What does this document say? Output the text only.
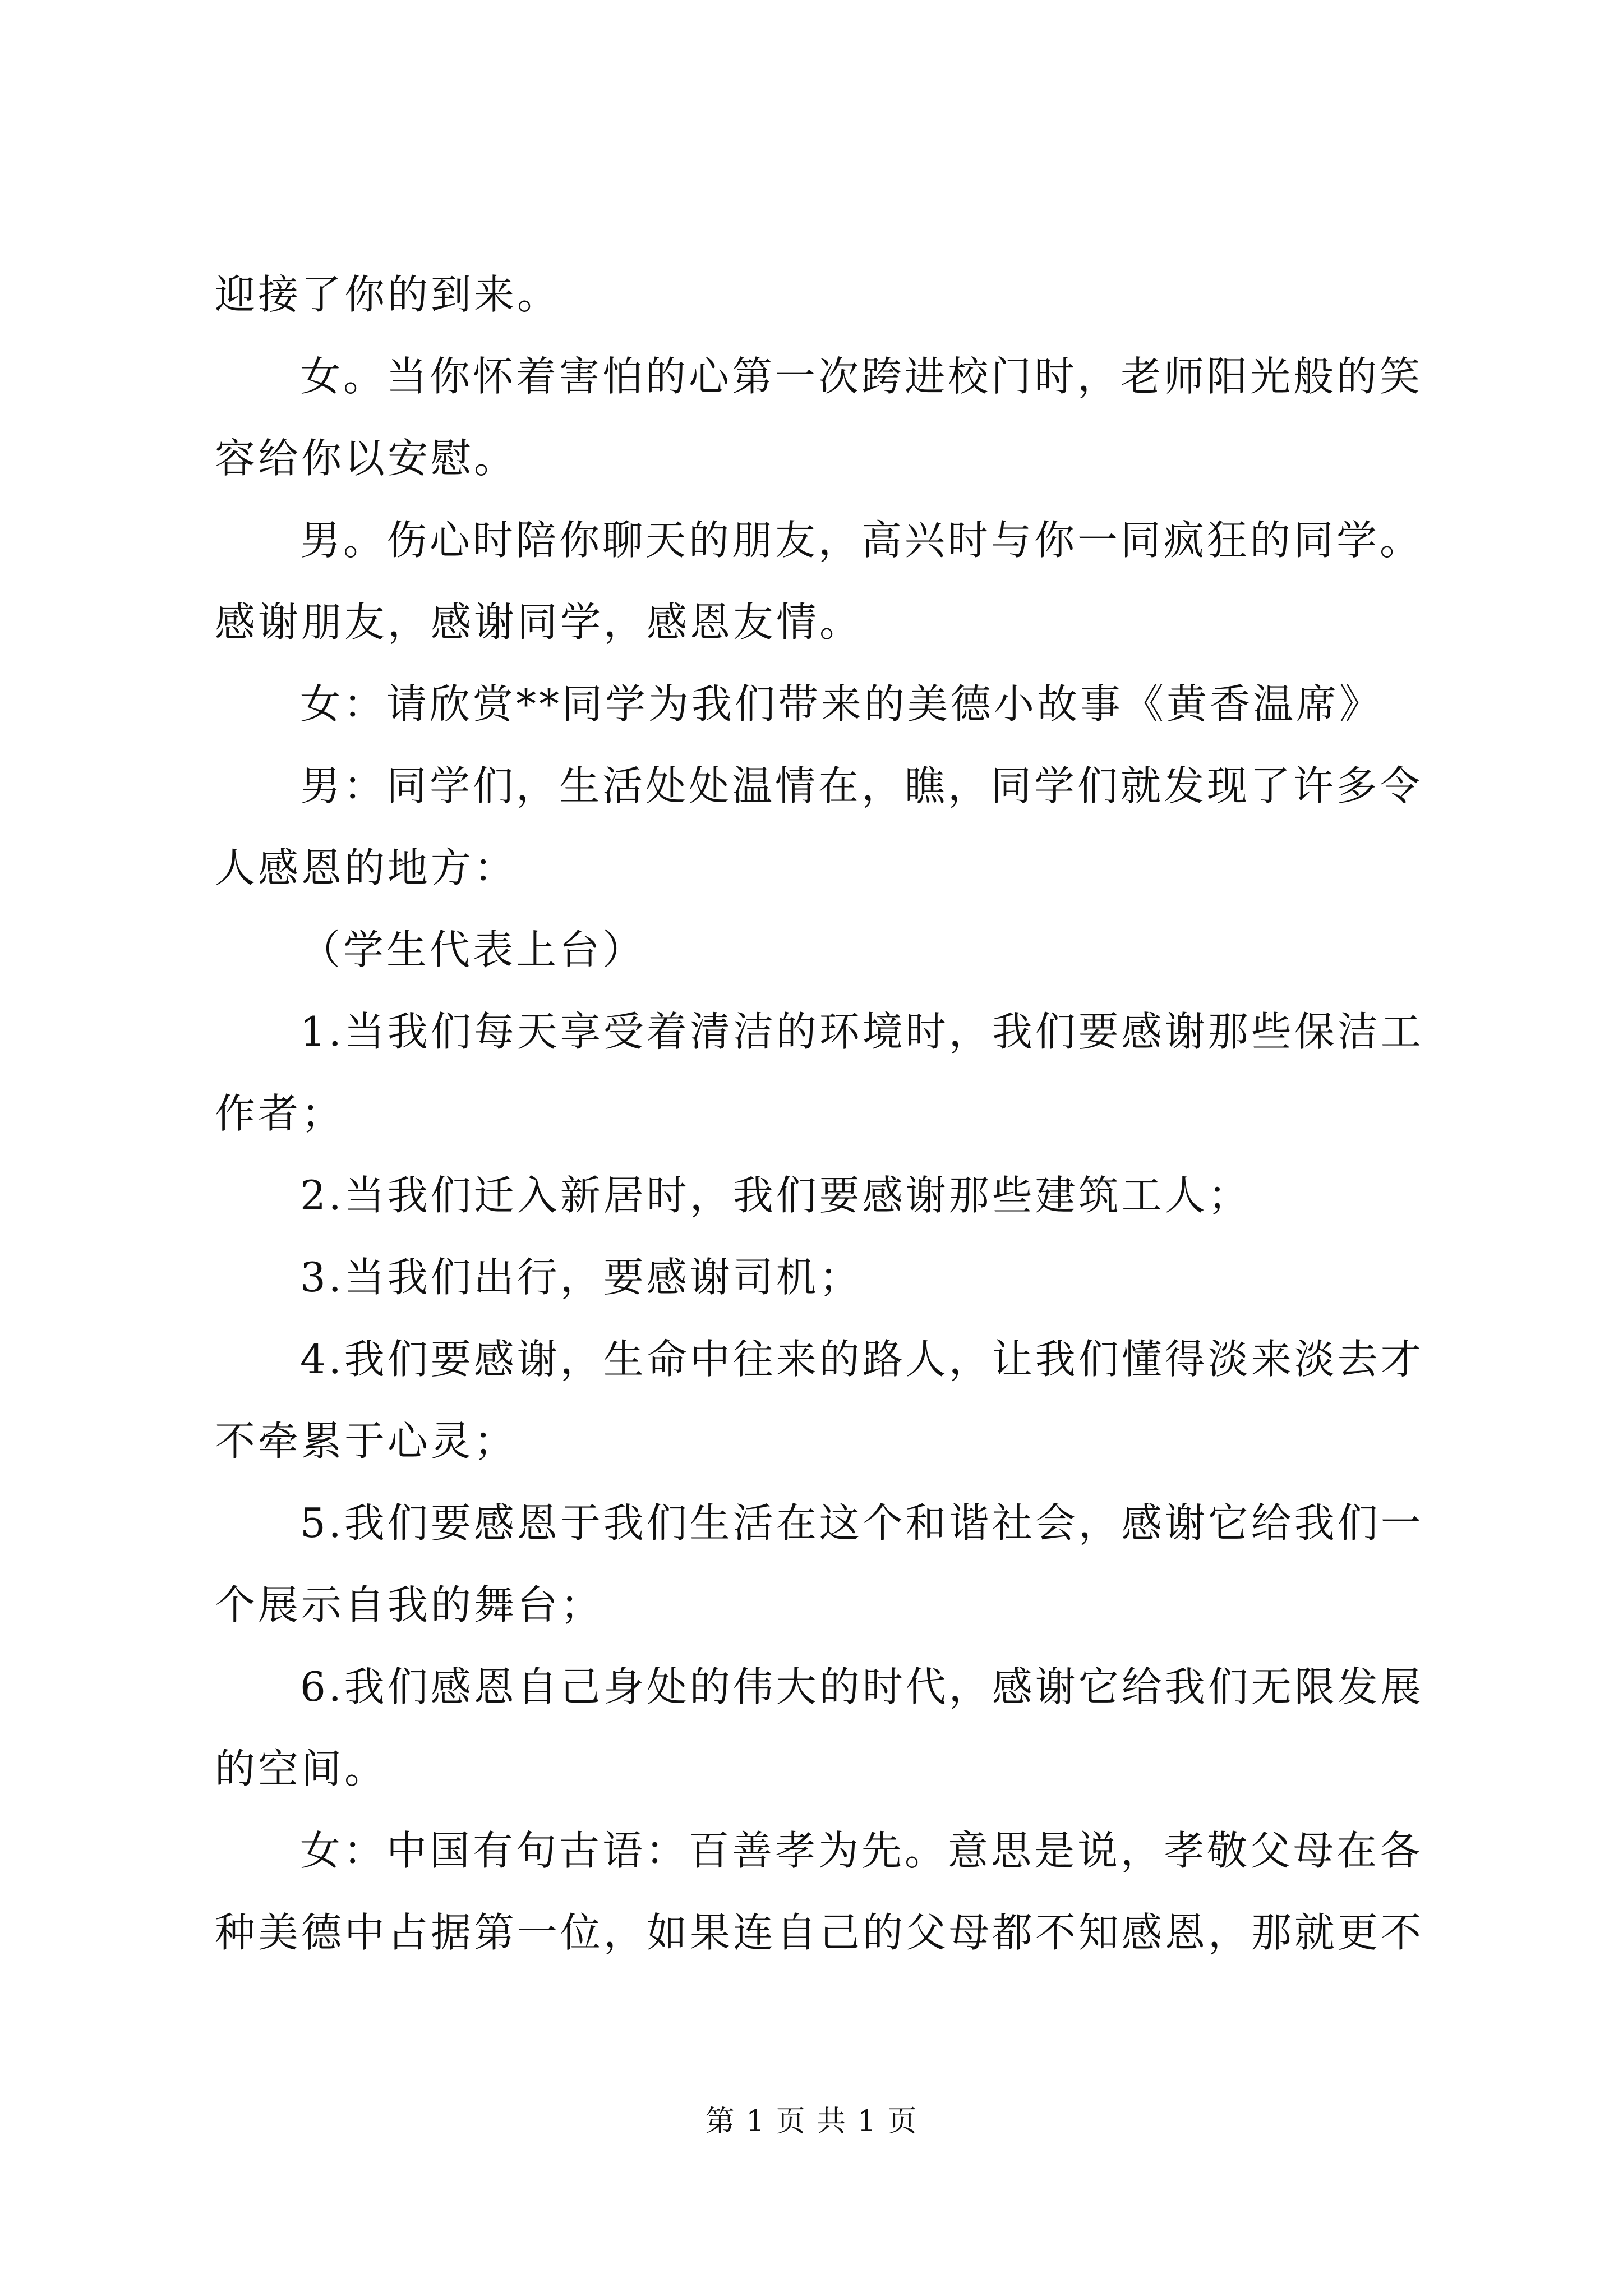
迎接了你的到来。

女。当你怀着害怕的心第一次跨进校门时，老师阳光般的笑

容给你以安慰。

男。伤心时陪你聊天的朋友，高兴时与你一同疯狂的同学。

感谢朋友，感谢同学，感恩友情。

女：请欣赏**同学为我们带来的美德小故事《黄香温席》

男：同学们，生活处处温情在，瞧，同学们就发现了许多令

人感恩的地方：

（学生代表上台）

1.当我们每天享受着清洁的环境时，我们要感谢那些保洁工

作者；

2.当我们迁入新居时，我们要感谢那些建筑工人；

3.当我们出行，要感谢司机；

4.我们要感谢，生命中往来的路人，让我们懂得淡来淡去才

不牵累于心灵；

5.我们要感恩于我们生活在这个和谐社会，感谢它给我们一

个展示自我的舞台；

6.我们感恩自己身处的伟大的时代，感谢它给我们无限发展

的空间。

女：中国有句古语：百善孝为先。意思是说，孝敬父母在各

种美德中占据第一位，如果连自己的父母都不知感恩，那就更不

第 1 页 共 1 页
